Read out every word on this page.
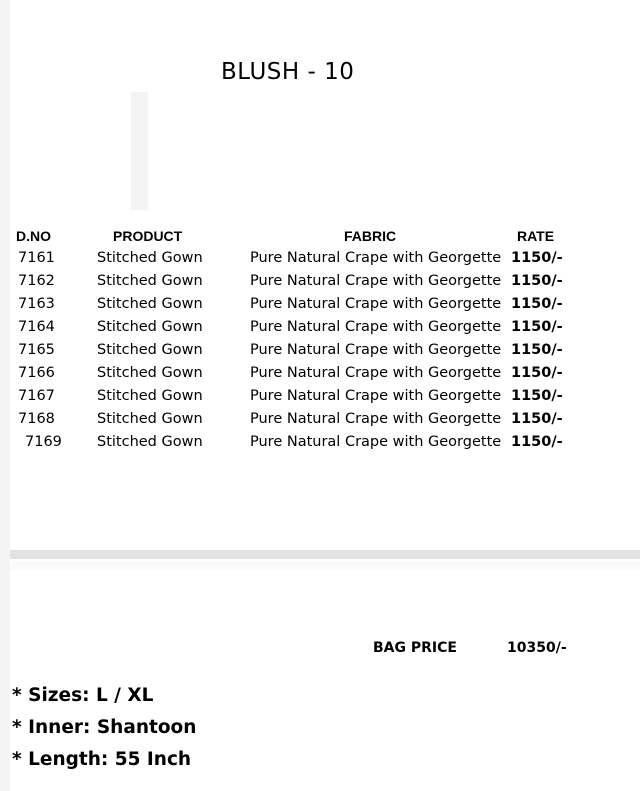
BLUSH - 10
D.NO	PRODUCT	FABRIC	RATE
7161	Stitched Gown	Pure Natural Crape with Georgette 1150/-
7162	Stitched Gown	Pure Natural Crape with Georgette 1150/-
7163	Stitched Gown	Pure Natural Crape with Georgette 1150/-
7164	Stitched Gown	Pure Natural Crape with Georgette 1150/-
7165	Stitched Gown	Pure Natural Crape with Georgette 1150/-
7166	Stitched Gown	Pure Natural Crape with Georgette 1150/-
7167	Stitched Gown	Pure Natural Crape with Georgette 1150/-
7168	Stitched Gown	Pure Natural Crape with Georgette 1150/-
7169 Stitched Gown	Pure Natural Crape with Georgette 1150/-
BAG PRICE	10350/-
* Sizes: L / XL
* Inner: Shantoon
* Length: 55 Inch
